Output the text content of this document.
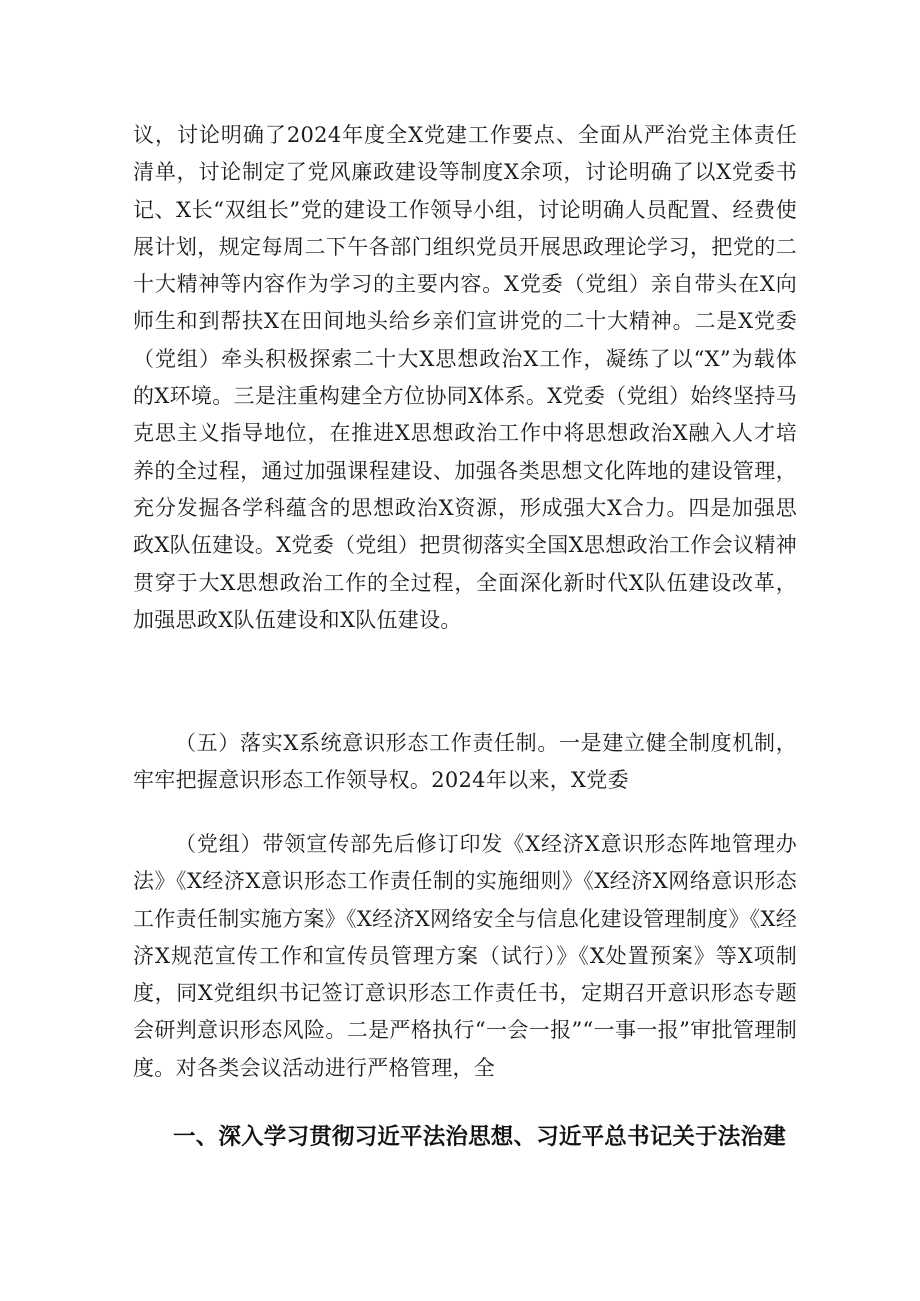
议，讨论明确了2024年度全X党建工作要点、全面从严治党主体责任清单，讨论制定了党风廉政建设等制度X余项，讨论明确了以X党委书记、X长“双组长”党的建设工作领导小组，讨论明确人员配置、经费使展计划，规定每周二下午各部门组织党员开展思政理论学习，把党的二十大精神等内容作为学习的主要内容。X党委（党组）亲自带头在X向师生和到帮扶X在田间地头给乡亲们宣讲党的二十大精神。二是X党委（党组）牵头积极探索二十大X思想政治X工作，凝练了以“X”为载体的X环境。三是注重构建全方位协同X体系。X党委（党组）始终坚持马克思主义指导地位，在推进X思想政治工作中将思想政治X融入人才培养的全过程，通过加强课程建设、加强各类思想文化阵地的建设管理，充分发掘各学科蕴含的思想政治X资源，形成强大X合力。四是加强思政X队伍建设。X党委（党组）把贯彻落实全国X思想政治工作会议精神贯穿于大X思想政治工作的全过程，全面深化新时代X队伍建设改革，加强思政X队伍建设和X队伍建设。

（五）落实X系统意识形态工作责任制。一是建立健全制度机制，牢牢把握意识形态工作领导权。2024年以来，X党委

（党组）带领宣传部先后修订印发《X经济X意识形态阵地管理办法》《X经济X意识形态工作责任制的实施细则》《X经济X网络意识形态工作责任制实施方案》《X经济X网络安全与信息化建设管理制度》《X经济X规范宣传工作和宣传员管理方案（试行）》《X处置预案》等X项制度，同X党组织书记签订意识形态工作责任书，定期召开意识形态专题会研判意识形态风险。二是严格执行“一会一报”“一事一报”审批管理制度。对各类会议活动进行严格管理，全

一、深入学习贯彻习近平法治思想、习近平总书记关于法治建
